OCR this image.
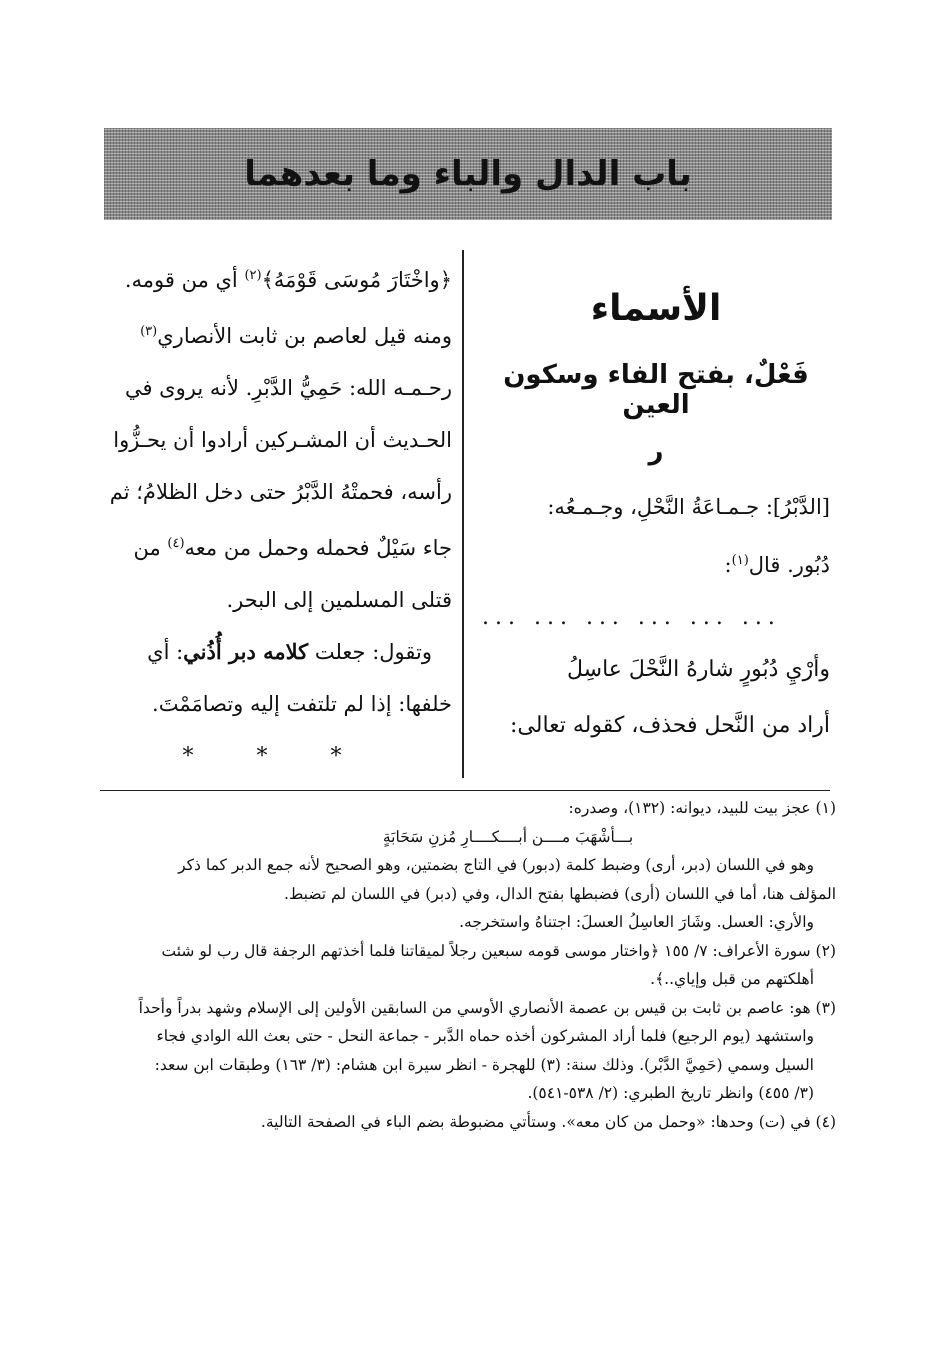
باب الدال والباء وما بعدهما
الأسماء
فَعْلٌ، بفتح الفاء وسكون العين
ر
[الدَّبْرُ]: جـمـاعَةُ النَّحْلِ، وجـمـعُه:
دُبُور. قال$^{(١)}$:
... ... ... ... ... ...
وأرْيِ دُبُورٍ شارهُ النَّحْلَ عاسِلُ
أراد من النَّحل فحذف، كقوله تعالى:

﴿واخْتَارَ مُوسَى قَوْمَهُ﴾$^{(٢)}$ أي من قومه.

ومنه قيل لعاصم بن ثابت الأنصاري$^{(٣)}$

رحـمـه الله: حَمِيُّ الدَّبْرِ. لأنه يروى في

الحـديث أن المشـركين أرادوا أن يحـزُّوا

رأسه، فحمتْهُ الدَّبْرُ حتى دخل الظلامُ؛ ثم

جاء سَيْلٌ فحمله وحمل من معه$^{(٤)}$ من

قتلى المسلمين إلى البحر.

وتقول: جعلت كلامه دبر أُذُني: أي

خلفها: إذا لم تلتفت إليه وتصامَمْتَ.

* * *

(١) عجز بيت للبيد، ديوانه: (١٣٢)، وصدره:

بـــأشْهَبَ مــــن أبــــكــــارِ مُزنِ سَحَابَةٍ

وهو في اللسان (دبر، أرى) وضبط كلمة (دبور) في التاج بضمتين، وهو الصحيح لأنه جمع الدبر كما ذكر

المؤلف هنا، أما في اللسان (أرى) فضبطها بفتح الدال، وفي (دبر) في اللسان لم تضبط.

والأري: العسل. وشَارَ العاسِلُ العسلَ: اجتناهُ واستخرجه.

(٢) سورة الأعراف: ٧/ ١٥٥ ﴿واختار موسى قومه سبعين رجلاً لميقاتنا فلما أخذتهم الرجفة قال رب لو شئت

أهلكتهم من قبل وإياي..﴾.

(٣) هو: عاصم بن ثابت بن قيس بن عصمة الأنصاري الأوسي من السابقين الأولين إلى الإسلام وشهد بدراً وأحداً

واستشهد (يوم الرجيع) فلما أراد المشركون أخذه حماه الدَّبر - جماعة النحل - حتى بعث الله الوادي فجاء

السيل وسمي (حَمِيَّ الدَّبْر). وذلك سنة: (٣) للهجرة - انظر سيرة ابن هشام: (٣/ ١٦٣) وطبقات ابن سعد:

(٣/ ٤٥٥) وانظر تاريخ الطبري: (٢/ ٥٣٨-٥٤١).

(٤) في (ت) وحدها: «وحمل من كان معه». وستأتي مضبوطة بضم الباء في الصفحة التالية.
